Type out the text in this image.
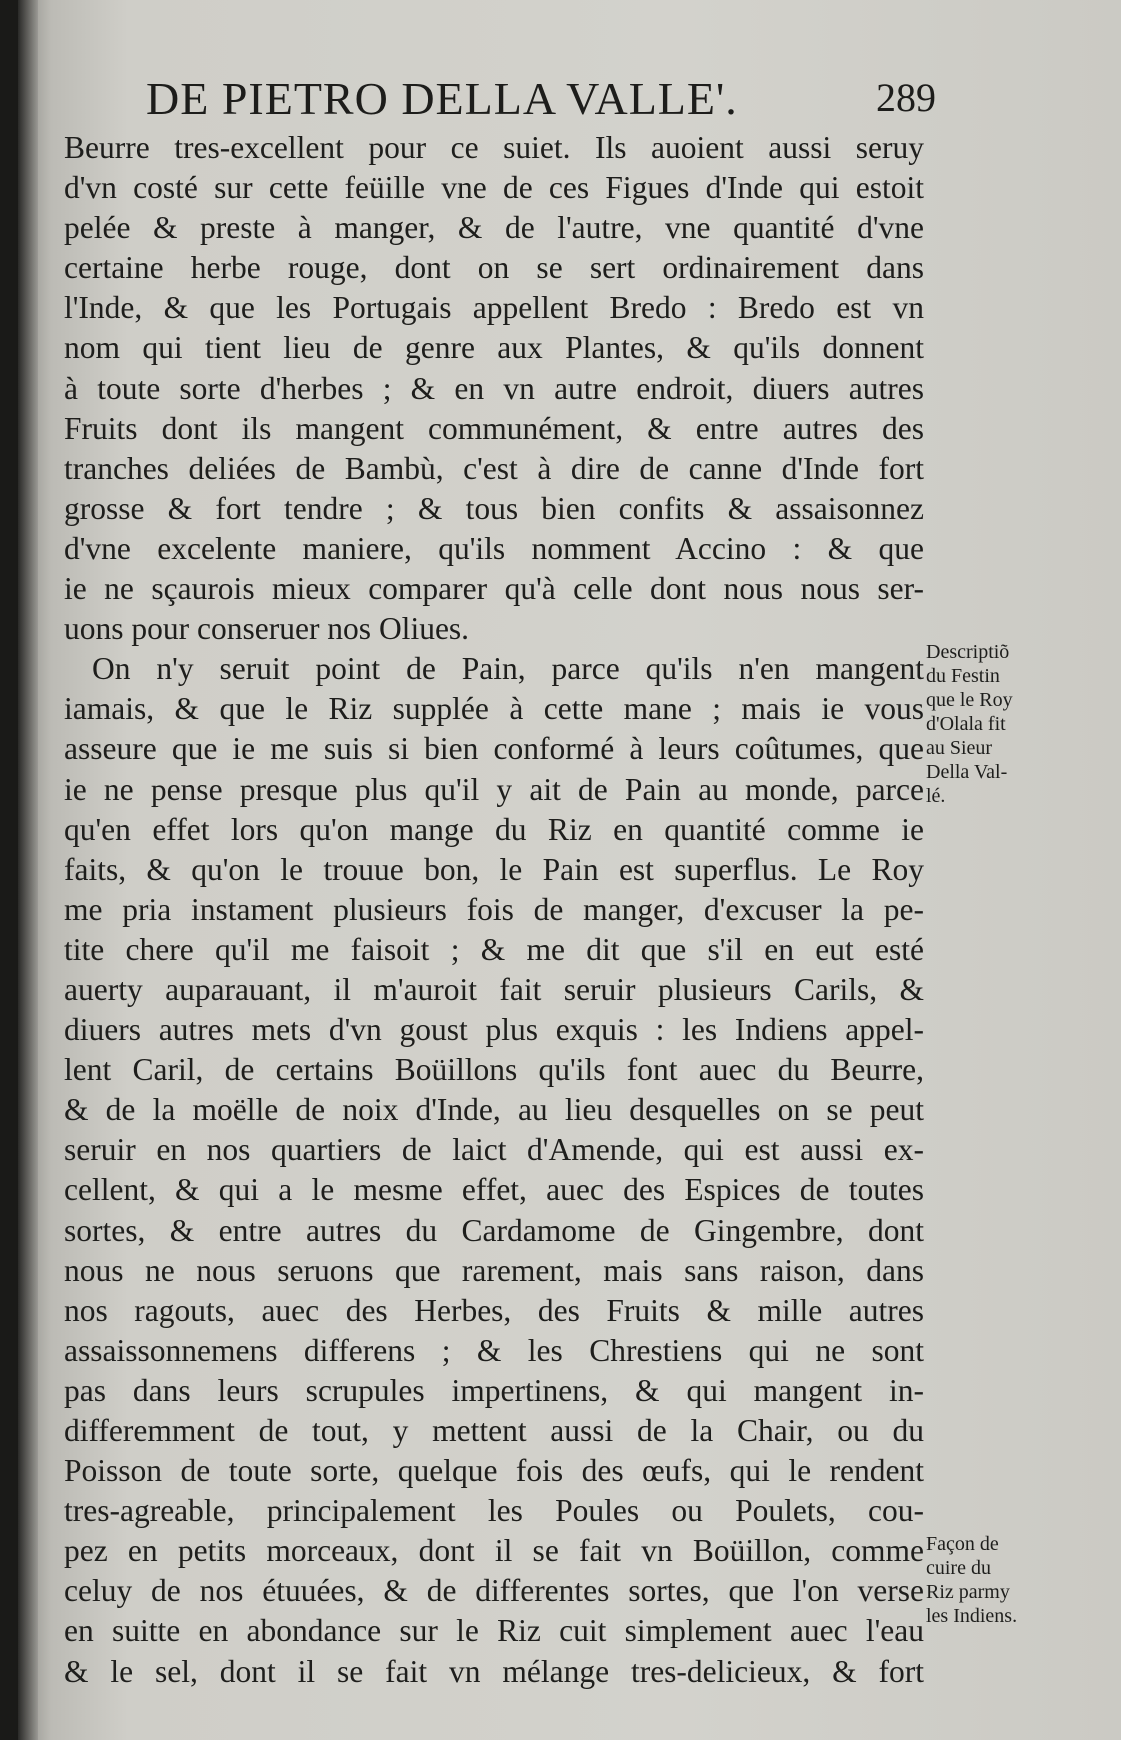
DE PIETRO DELLA VALLE'.	289
Beurre tres-excellent pour ce suiet. Ils auoient aussi seruy
d'vn costé sur cette feüille vne de ces Figues d'Inde qui estoit
pelée & preste à manger, & de l'autre, vne quantité d'vne
certaine herbe rouge, dont on se sert ordinairement dans
l'Inde, & que les Portugais appellent Bredo : Bredo est vn
nom qui tient lieu de genre aux Plantes, & qu'ils donnent
à toute sorte d'herbes ; & en vn autre endroit, diuers autres
Fruits dont ils mangent communément, & entre autres des
tranches deliées de Bambù, c'est à dire de canne d'Inde fort
grosse & fort tendre ; & tous bien confits & assaisonnez
d'vne excelente maniere, qu'ils nomment Accino : & que
ie ne sçaurois mieux comparer qu'à celle dont nous nous ser-
uons pour conseruer nos Oliues.
On n'y seruit point de Pain, parce qu'ils n'en mangent
iamais, & que le Riz supplée à cette mane ; mais ie vous
asseure que ie me suis si bien conformé à leurs coûtumes, que
ie ne pense presque plus qu'il y ait de Pain au monde, parce
qu'en effet lors qu'on mange du Riz en quantité comme ie
faits, & qu'on le trouue bon, le Pain est superflus. Le Roy
me pria instament plusieurs fois de manger, d'excuser la pe-
tite chere qu'il me faisoit ; & me dit que s'il en eut esté
auerty auparauant, il m'auroit fait seruir plusieurs Carils, &
diuers autres mets d'vn goust plus exquis : les Indiens appel-
lent Caril, de certains Boüillons qu'ils font auec du Beurre,
& de la moëlle de noix d'Inde, au lieu desquelles on se peut
seruir en nos quartiers de laict d'Amende, qui est aussi ex-
cellent, & qui a le mesme effet, auec des Espices de toutes
sortes, & entre autres du Cardamome de Gingembre, dont
nous ne nous seruons que rarement, mais sans raison, dans
nos ragouts, auec des Herbes, des Fruits & mille autres
assaissonnemens differens ; & les Chrestiens qui ne sont
pas dans leurs scrupules impertinens, & qui mangent in-
differemment de tout, y mettent aussi de la Chair, ou du
Poisson de toute sorte, quelque fois des œufs, qui le rendent
tres-agreable, principalement les Poules ou Poulets, cou-
pez en petits morceaux, dont il se fait vn Boüillon, comme
celuy de nos étuuées, & de differentes sortes, que l'on verse
en suitte en abondance sur le Riz cuit simplement auec l'eau
& le sel, dont il se fait vn mélange tres-delicieux, & fort
Descriptiõ
du Festin
que le Roy
d'Olala fit
au Sieur
Della Val-
lé.
Façon de
cuire du
Riz parmy
les Indiens.
